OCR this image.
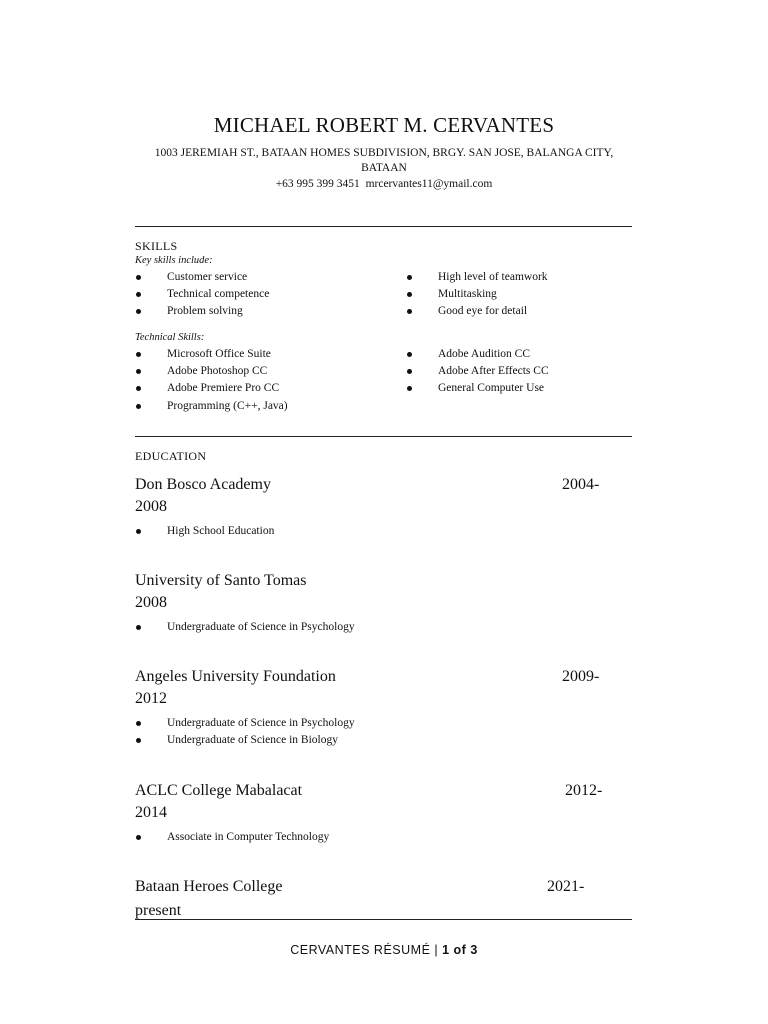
MICHAEL ROBERT M. CERVANTES
1003 JEREMIAH ST., BATAAN HOMES SUBDIVISION, BRGY. SAN JOSE, BALANGA CITY, BATAAN
+63 995 399 3451 mrcervantes11@ymail.com
SKILLS
Key skills include:
Customer service
Technical competence
Problem solving
High level of teamwork
Multitasking
Good eye for detail
Technical Skills:
Microsoft Office Suite
Adobe Photoshop CC
Adobe Premiere Pro CC
Programming (C++, Java)
Adobe Audition CC
Adobe After Effects CC
General Computer Use
EDUCATION
Don Bosco Academy	2004-
2008
High School Education
University of Santo Tomas
2008
Undergraduate of Science in Psychology
Angeles University Foundation	2009-
2012
Undergraduate of Science in Psychology
Undergraduate of Science in Biology
ACLC College Mabalacat	2012-
2014
Associate in Computer Technology
Bataan Heroes College	2021-
present
CERVANTES RÉSUMÉ | 1 of 3
